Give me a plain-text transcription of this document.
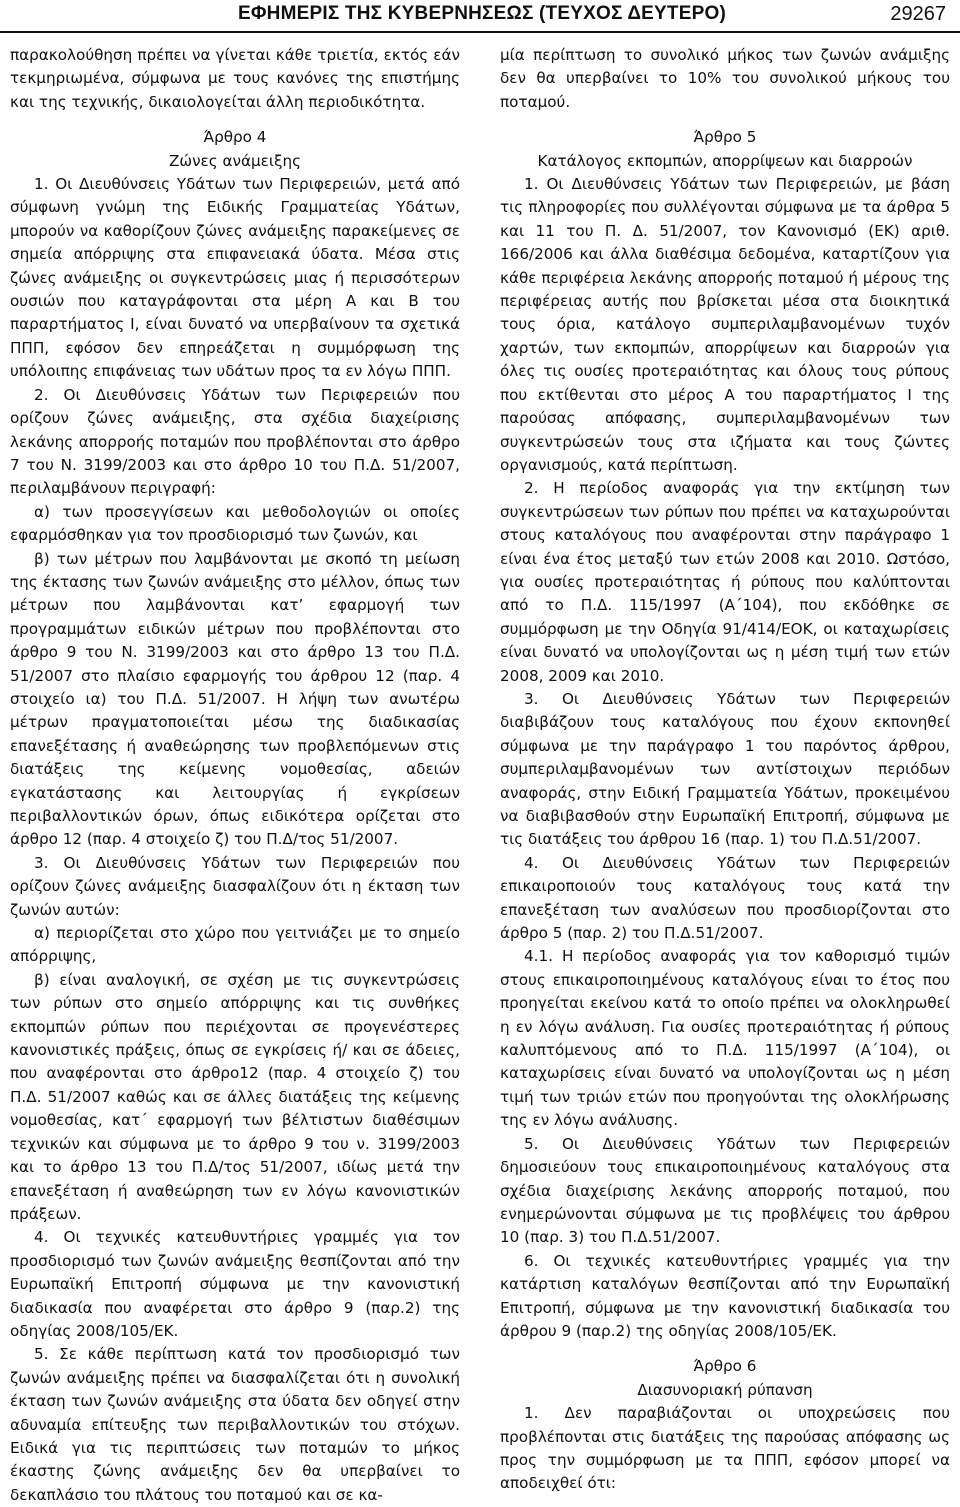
ΕΦΗΜΕΡΙΣ ΤΗΣ ΚΥΒΕΡΝΗΣΕΩΣ (ΤΕΥΧΟΣ ΔΕΥΤΕΡΟ)	29267

παρακολούθηση πρέπει να γίνεται κάθε τριετία, εκτός εάν τεκμηριωμένα, σύμφωνα με τους κανόνες της επιστήμης και της τεχνικής, δικαιολογείται άλλη περιοδικότητα.

Άρθρο 4

Ζώνες ανάμειξης

1. Οι Διευθύνσεις Υδάτων των Περιφερειών, μετά από σύμφωνη γνώμη της Ειδικής Γραμματείας Υδάτων, μπορούν να καθορίζουν ζώνες ανάμειξης παρακείμενες σε σημεία απόρριψης στα επιφανειακά ύδατα. Μέσα στις ζώνες ανάμειξης οι συγκεντρώσεις μιας ή περισσότερων ουσιών που καταγράφονται στα μέρη Α και Β του παραρτήματος Ι, είναι δυνατό να υπερβαίνουν τα σχετικά ΠΠΠ, εφόσον δεν επηρεάζεται η συμμόρφωση της υπόλοιπης επιφάνειας των υδάτων προς τα εν λόγω ΠΠΠ.

2. Οι Διευθύνσεις Υδάτων των Περιφερειών που ορίζουν ζώνες ανάμειξης, στα σχέδια διαχείρισης λεκάνης απορροής ποταμών που προβλέπονται στο άρθρο 7 του Ν. 3199/2003 και στο άρθρο 10 του Π.Δ. 51/2007, περιλαμβάνουν περιγραφή:

α) των προσεγγίσεων και μεθοδολογιών οι οποίες εφαρμόσθηκαν για τον προσδιορισμό των ζωνών, και

β) των μέτρων που λαμβάνονται με σκοπό τη μείωση της έκτασης των ζωνών ανάμειξης στο μέλλον, όπως των μέτρων που λαμβάνονται κατ’ εφαρμογή των προγραμμάτων ειδικών μέτρων που προβλέπονται στο άρθρο 9 του Ν. 3199/2003 και στο άρθρο 13 του Π.Δ. 51/2007 στο πλαίσιο εφαρμογής του άρθρου 12 (παρ. 4 στοιχείο ια) του Π.Δ. 51/2007. Η λήψη των ανωτέρω μέτρων πραγματοποιείται μέσω της διαδικασίας επανεξέτασης ή αναθεώρησης των προβλεπόμενων στις διατάξεις της κείμενης νομοθεσίας, αδειών εγκατάστασης και λειτουργίας ή εγκρίσεων περιβαλλοντικών όρων, όπως ειδικότερα ορίζεται στο άρθρο 12 (παρ. 4 στοιχείο ζ) του Π.Δ/τος 51/2007.

3. Οι Διευθύνσεις Υδάτων των Περιφερειών που ορίζουν ζώνες ανάμειξης διασφαλίζουν ότι η έκταση των ζωνών αυτών:

α) περιορίζεται στο χώρο που γειτνιάζει με το σημείο απόρριψης,

β) είναι αναλογική, σε σχέση με τις συγκεντρώσεις των ρύπων στο σημείο απόρριψης και τις συνθήκες εκπομπών ρύπων που περιέχονται σε προγενέστερες κανονιστικές πράξεις, όπως σε εγκρίσεις ή/ και σε άδειες, που αναφέρονται στο άρθρο12 (παρ. 4 στοιχείο ζ) του Π.Δ. 51/2007 καθώς και σε άλλες διατάξεις της κείμενης νομοθεσίας, κατ΄ εφαρμογή των βέλτιστων διαθέσιμων τεχνικών και σύμφωνα με το άρθρο 9 του ν. 3199/2003 και το άρθρο 13 του Π.Δ/τος 51/2007, ιδίως μετά την επανεξέταση ή αναθεώρηση των εν λόγω κανονιστικών πράξεων.

4. Οι τεχνικές κατευθυντήριες γραμμές για τον προσδιορισμό των ζωνών ανάμειξης θεσπίζονται από την Ευρωπαϊκή Επιτροπή σύμφωνα με την κανονιστική διαδικασία που αναφέρεται στο άρθρο 9 (παρ.2) της οδηγίας 2008/105/ΕΚ.

5. Σε κάθε περίπτωση κατά τον προσδιορισμό των ζωνών ανάμειξης πρέπει να διασφαλίζεται ότι η συνολική έκταση των ζωνών ανάμειξης στα ύδατα δεν οδηγεί στην αδυναμία επίτευξης των περιβαλλοντικών του στόχων. Ειδικά για τις περιπτώσεις των ποταμών το μήκος έκαστης ζώνης ανάμειξης δεν θα υπερβαίνει το δεκαπλάσιο του πλάτους του ποταμού και σε κα-

μία περίπτωση το συνολικό μήκος των ζωνών ανάμιξης δεν θα υπερβαίνει το 10% του συνολικού μήκους του ποταμού.

Άρθρο 5

Κατάλογος εκπομπών, απορρίψεων και διαρροών

1. Οι Διευθύνσεις Υδάτων των Περιφερειών, με βάση τις πληροφορίες που συλλέγονται σύμφωνα με τα άρθρα 5 και 11 του Π. Δ. 51/2007, τον Κανονισμό (ΕΚ) αριθ. 166/2006 και άλλα διαθέσιμα δεδομένα, καταρτίζουν για κάθε περιφέρεια λεκάνης απορροής ποταμού ή μέρους της περιφέρειας αυτής που βρίσκεται μέσα στα διοικητικά τους όρια, κατάλογο συμπεριλαμβανομένων τυχόν χαρτών, των εκπομπών, απορρίψεων και διαρροών για όλες τις ουσίες προτεραιότητας και όλους τους ρύπους που εκτίθενται στο μέρος Α του παραρτήματος Ι της παρούσας απόφασης, συμπεριλαμβανομένων των συγκεντρώσεών τους στα ιζήματα και τους ζώντες οργανισμούς, κατά περίπτωση.

2. Η περίοδος αναφοράς για την εκτίμηση των συγκεντρώσεων των ρύπων που πρέπει να καταχωρούνται στους καταλόγους που αναφέρονται στην παράγραφο 1 είναι ένα έτος μεταξύ των ετών 2008 και 2010. Ωστόσο, για ουσίες προτεραιότητας ή ρύπους που καλύπτονται από το Π.Δ. 115/1997 (Α΄104), που εκδόθηκε σε συμμόρφωση με την Οδηγία 91/414/ΕΟΚ, οι καταχωρίσεις είναι δυνατό να υπολογίζονται ως η μέση τιμή των ετών 2008, 2009 και 2010.

3. Οι Διευθύνσεις Υδάτων των Περιφερειών διαβιβάζουν τους καταλόγους που έχουν εκπονηθεί σύμφωνα με την παράγραφο 1 του παρόντος άρθρου, συμπεριλαμβανομένων των αντίστοιχων περιόδων αναφοράς, στην Ειδική Γραμματεία Υδάτων, προκειμένου να διαβιβασθούν στην Ευρωπαϊκή Επιτροπή, σύμφωνα με τις διατάξεις του άρθρου 16 (παρ. 1) του Π.Δ.51/2007.

4. Οι Διευθύνσεις Υδάτων των Περιφερειών επικαιροποιούν τους καταλόγους τους κατά την επανεξέταση των αναλύσεων που προσδιορίζονται στο άρθρο 5 (παρ. 2) του Π.Δ.51/2007.

4.1. Η περίοδος αναφοράς για τον καθορισμό τιμών στους επικαιροποιημένους καταλόγους είναι το έτος που προηγείται εκείνου κατά το οποίο πρέπει να ολοκληρωθεί η εν λόγω ανάλυση. Για ουσίες προτεραιότητας ή ρύπους καλυπτόμενους από το Π.Δ. 115/1997 (Α΄104), οι καταχωρίσεις είναι δυνατό να υπολογίζονται ως η μέση τιμή των τριών ετών που προηγούνται της ολοκλήρωσης της εν λόγω ανάλυσης.

5. Οι Διευθύνσεις Υδάτων των Περιφερειών δημοσιεύουν τους επικαιροποιημένους καταλόγους στα σχέδια διαχείρισης λεκάνης απορροής ποταμού, που ενημερώνονται σύμφωνα με τις προβλέψεις του άρθρου 10 (παρ. 3) του Π.Δ.51/2007.

6. Οι τεχνικές κατευθυντήριες γραμμές για την κατάρτιση καταλόγων θεσπίζονται από την Ευρωπαϊκή Επιτροπή, σύμφωνα με την κανονιστική διαδικασία του άρθρου 9 (παρ.2) της οδηγίας 2008/105/ΕΚ.

Άρθρο 6

Διασυνοριακή ρύπανση

1. Δεν παραβιάζονται οι υποχρεώσεις που προβλέπονται στις διατάξεις της παρούσας απόφασης ως προς την συμμόρφωση με τα ΠΠΠ, εφόσον μπορεί να αποδειχθεί ότι:
